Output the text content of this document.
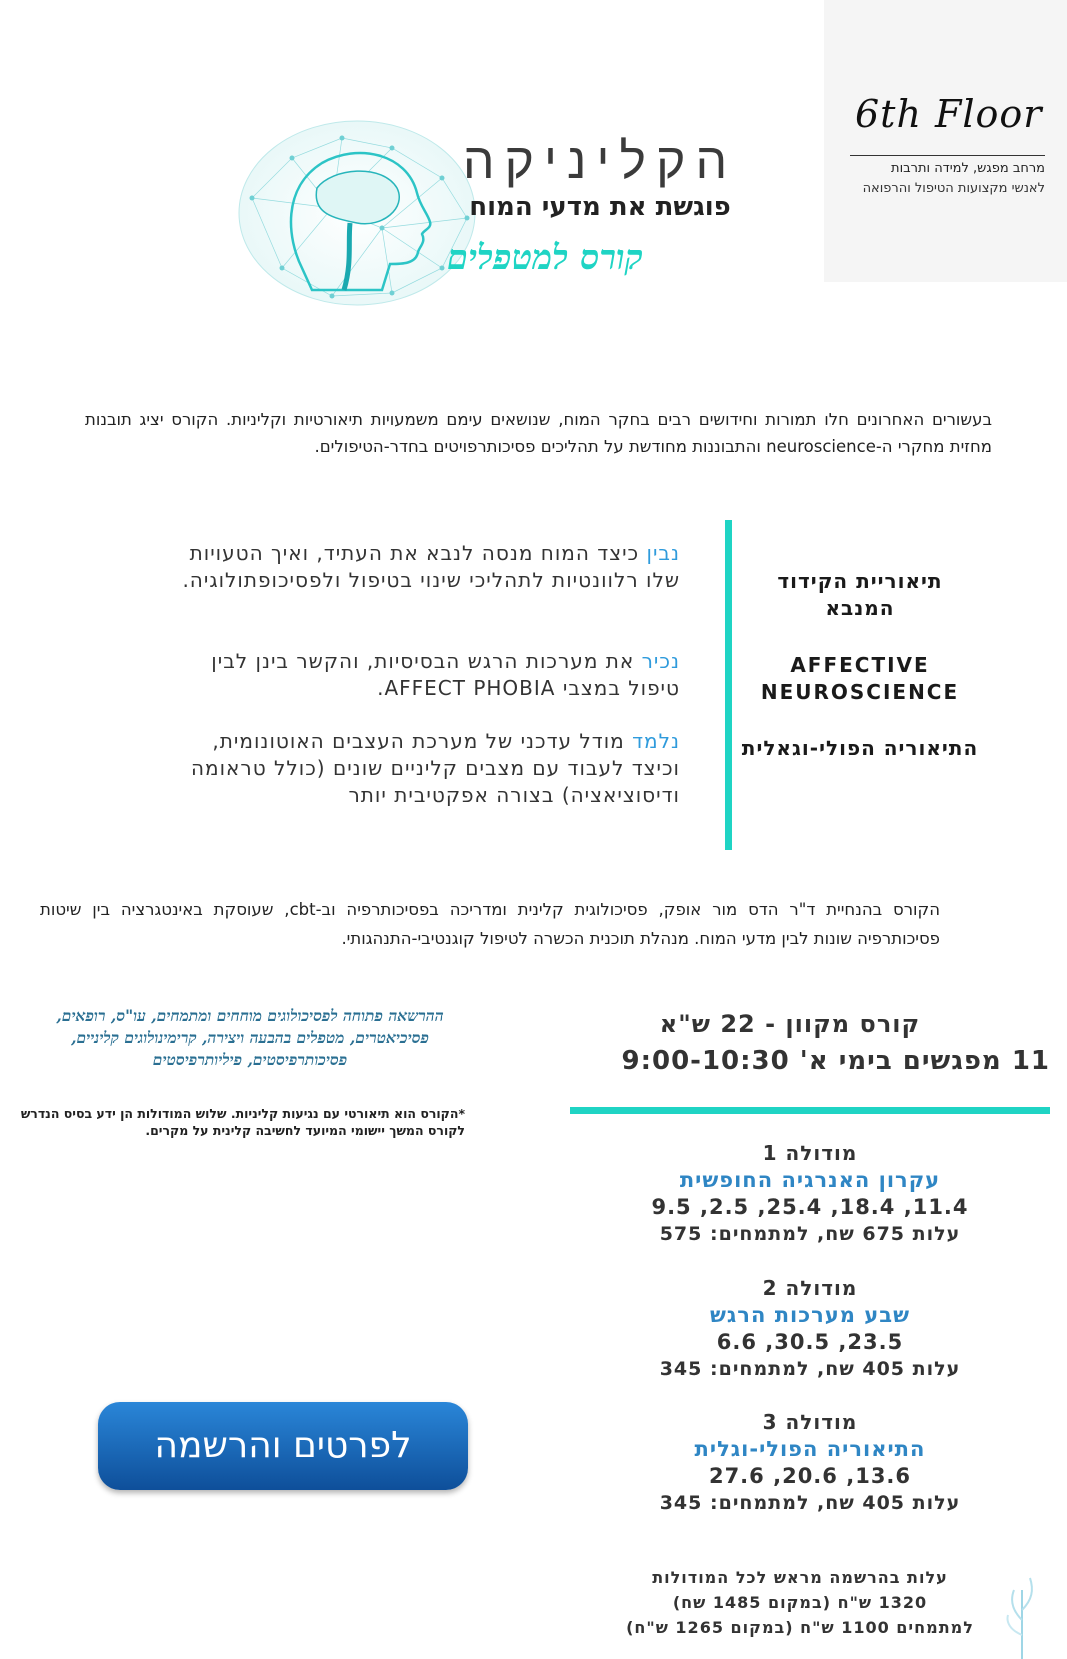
הקליניקה
פוגשת את מדעי המוח
קורס למטפלים
6th Floor
מרחב מפגש, למידה ותרבות
לאנשי מקצועות הטיפול והרפואה
בעשורים האחרונים חלו תמורות וחידושים רבים בחקר המוח, שנושאים עימם משמעויות תיאורטיות וקליניות. הקורס יציג תובנות מחזית מחקרי ה-neuroscience והתבוננות מחודשת על תהליכים פסיכותרפויטים בחדר-הטיפולים.
תיאוריית הקידוד המנבא
נבין כיצד המוח מנסה לנבא את העתיד, ואיך הטעויות שלו רלוונטיות לתהליכי שינוי בטיפול ולפסיכופתולוגיה.
AFFECTIVE NEUROSCIENCE
נכיר את מערכות הרגש הבסיסיות, והקשר בינן לבין טיפול במצבי AFFECT PHOBIA.
התיאוריה הפולי-וגאלית
נלמד מודל עדכני של מערכת העצבים האוטונומית, וכיצד לעבוד עם מצבים קליניים שונים (כולל טראומה ודיסוציאציה) בצורה אפקטיבית יותר
הקורס בהנחיית ד"ר הדס מור אופק, פסיכולוגית קלינית ומדריכה בפסיכותרפיה וב-cbt, שעוסקת באינטגרציה בין שיטות פסיכותרפיה שונות לבין מדעי המוח. מנהלת תוכנית הכשרה לטיפול קוגנטיבי-התנהגותי.
ההרשאה פתוחה לפסיכולוגים מוחחים ומתמחים, עו"ס, רופאים, פסיכיאטרים, מטפלים בהבעה ויצירה, קרימינולוגים קליניים, פסיכותרפיסטים, פיליותרפיסטים
*הקורס הוא תיאורטי עם נגיעות קליניות. שלוש המודולות הן ידע בסיס הנדרש לקורס המשך יישומי המיועד לחשיבה קלינית על מקרים.
קורס מקוון - 22 ש"א
11 מפגשים בימי א' 9:00-10:30
מודולה 1
עקרון האנרגיה החופשית
11.4, 18.4, 25.4, 2.5, 9.5
עלות 675 שח, למתמחים: 575
מודולה 2
שבע מערכות הרגש
23.5, 30.5, 6.6
עלות 405 שח, למתמחים: 345
מודולה 3
התיאוריה הפולי-וגלית
13.6, 20.6, 27.6
עלות 405 שח, למתמחים: 345
לפרטים והרשמה
עלות בהרשמה מראש לכל המודולות
1320 ש"ח (במקום 1485 שח)
למתמחים 1100 ש"ח (במקום 1265 ש"ח)
